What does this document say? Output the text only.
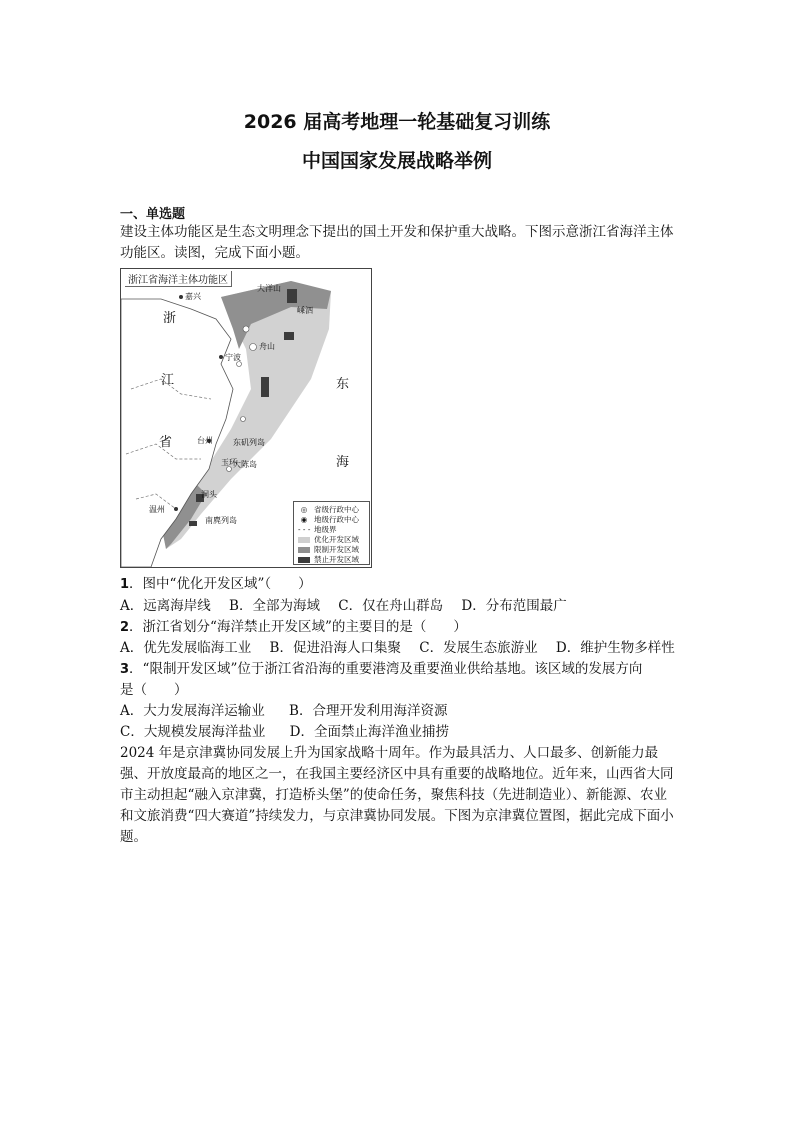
2026 届高考地理一轮基础复习训练
中国国家发展战略举例
一、单选题
建设主体功能区是生态文明理念下提出的国土开发和保护重大战略。下图示意浙江省海洋主体功能区。读图，完成下面小题。
浙江省海洋主体功能区
浙
江
省
东
海
嘉兴
宁波
台州
温州
舟山
大洋山
嵊泗
玉环
洞头
大陈岛
南麂列岛
东矶列岛
◎ 省级行政中心
◉ 地级行政中心
- - - 地级界
优化开发区域
限制开发区域
禁止开发区域
1．图中“优化开发区域”（　　）
A．远离海岸线 B．全部为海域 C．仅在舟山群岛 D．分布范围最广
2．浙江省划分“海洋禁止开发区域”的主要目的是（　　）
A．优先发展临海工业 B．促进沿海人口集聚 C．发展生态旅游业 D．维护生物多样性
3．“限制开发区域”位于浙江省沿海的重要港湾及重要渔业供给基地。该区域的发展方向
是（　　）
A．大力发展海洋运输业 B．合理开发利用海洋资源
C．大规模发展海洋盐业 D．全面禁止海洋渔业捕捞
2024 年是京津冀协同发展上升为国家战略十周年。作为最具活力、人口最多、创新能力最强、开放度最高的地区之一，在我国主要经济区中具有重要的战略地位。近年来，山西省大同市主动担起“融入京津冀，打造桥头堡”的使命任务，聚焦科技（先进制造业）、新能源、农业和文旅消费“四大赛道”持续发力，与京津冀协同发展。下图为京津冀位置图，据此完成下面小题。
